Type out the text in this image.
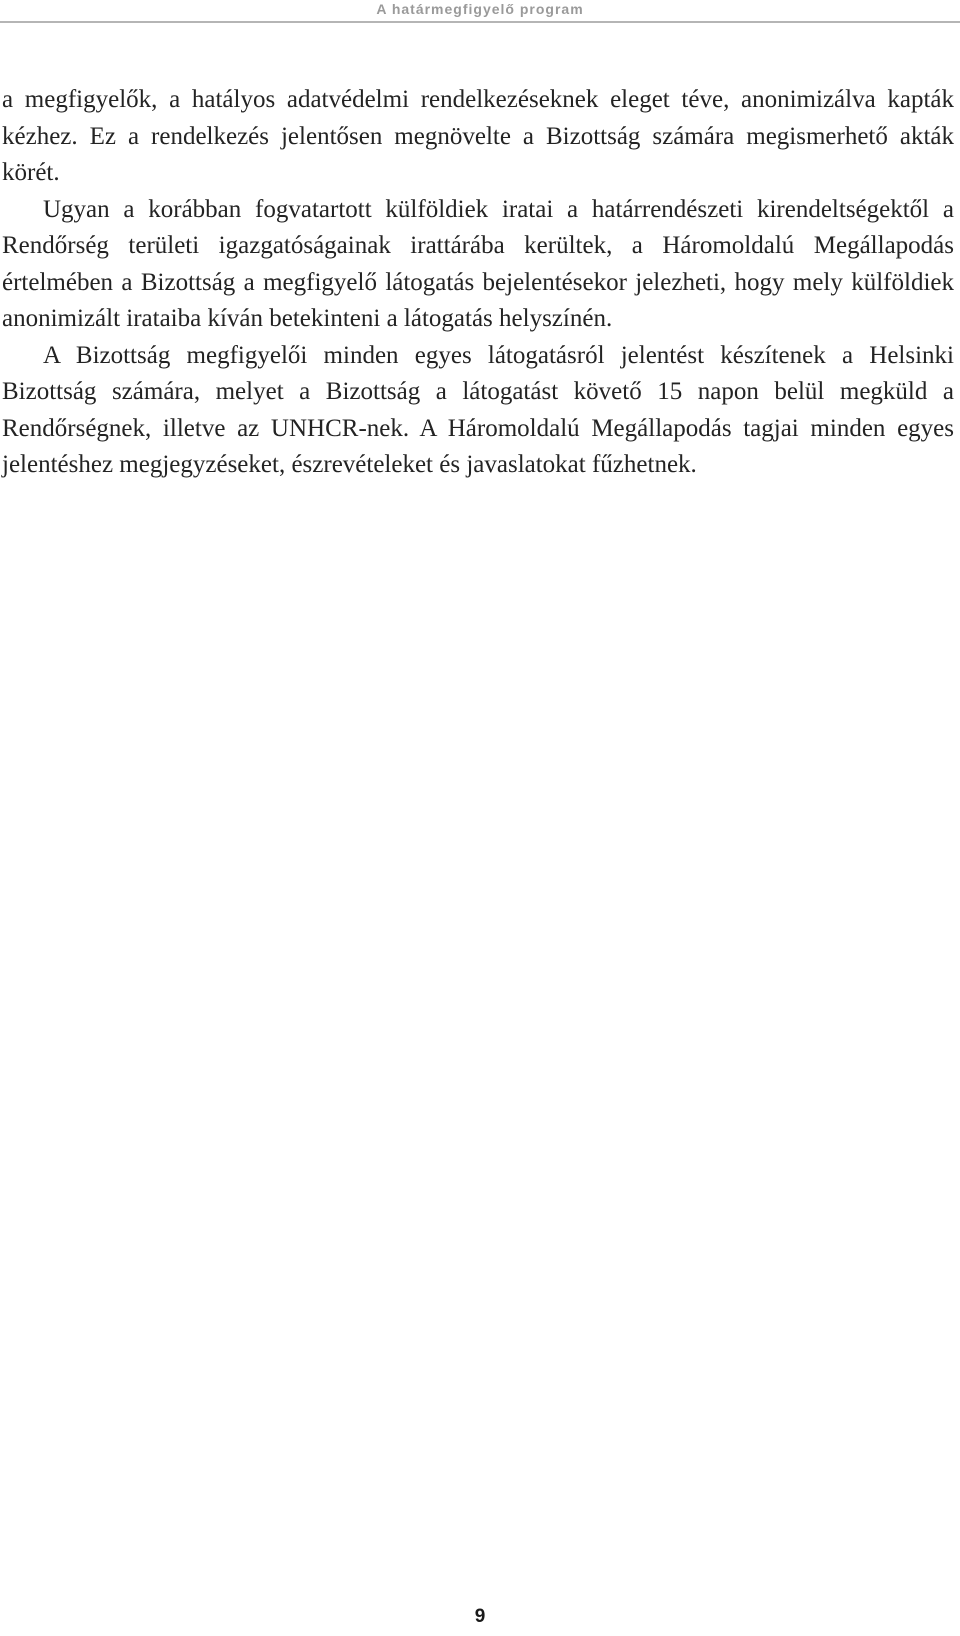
A határmegfigyelő program

a megfigyelők, a hatályos adatvédelmi rendelkezéseknek eleget téve, anonimizálva kapták kézhez. Ez a rendelkezés jelentősen megnövelte a Bizottság számára megismerhető akták körét.

Ugyan a korábban fogvatartott külföldiek iratai a határrendészeti kirendeltségektől a Rendőrség területi igazgatóságainak irattárába kerültek, a Háromoldalú Megállapodás értelmében a Bizottság a megfigyelő látogatás bejelentésekor jelezheti, hogy mely külföldiek anonimizált irataiba kíván betekinteni a látogatás helyszínén.

A Bizottság megfigyelői minden egyes látogatásról jelentést készítenek a Helsinki Bizottság számára, melyet a Bizottság a látogatást követő 15 napon belül megküld a Rendőrségnek, illetve az UNHCR-nek. A Háromoldalú Megállapodás tagjai minden egyes jelentéshez megjegyzéseket, észrevételeket és javaslatokat fűzhetnek.

9
